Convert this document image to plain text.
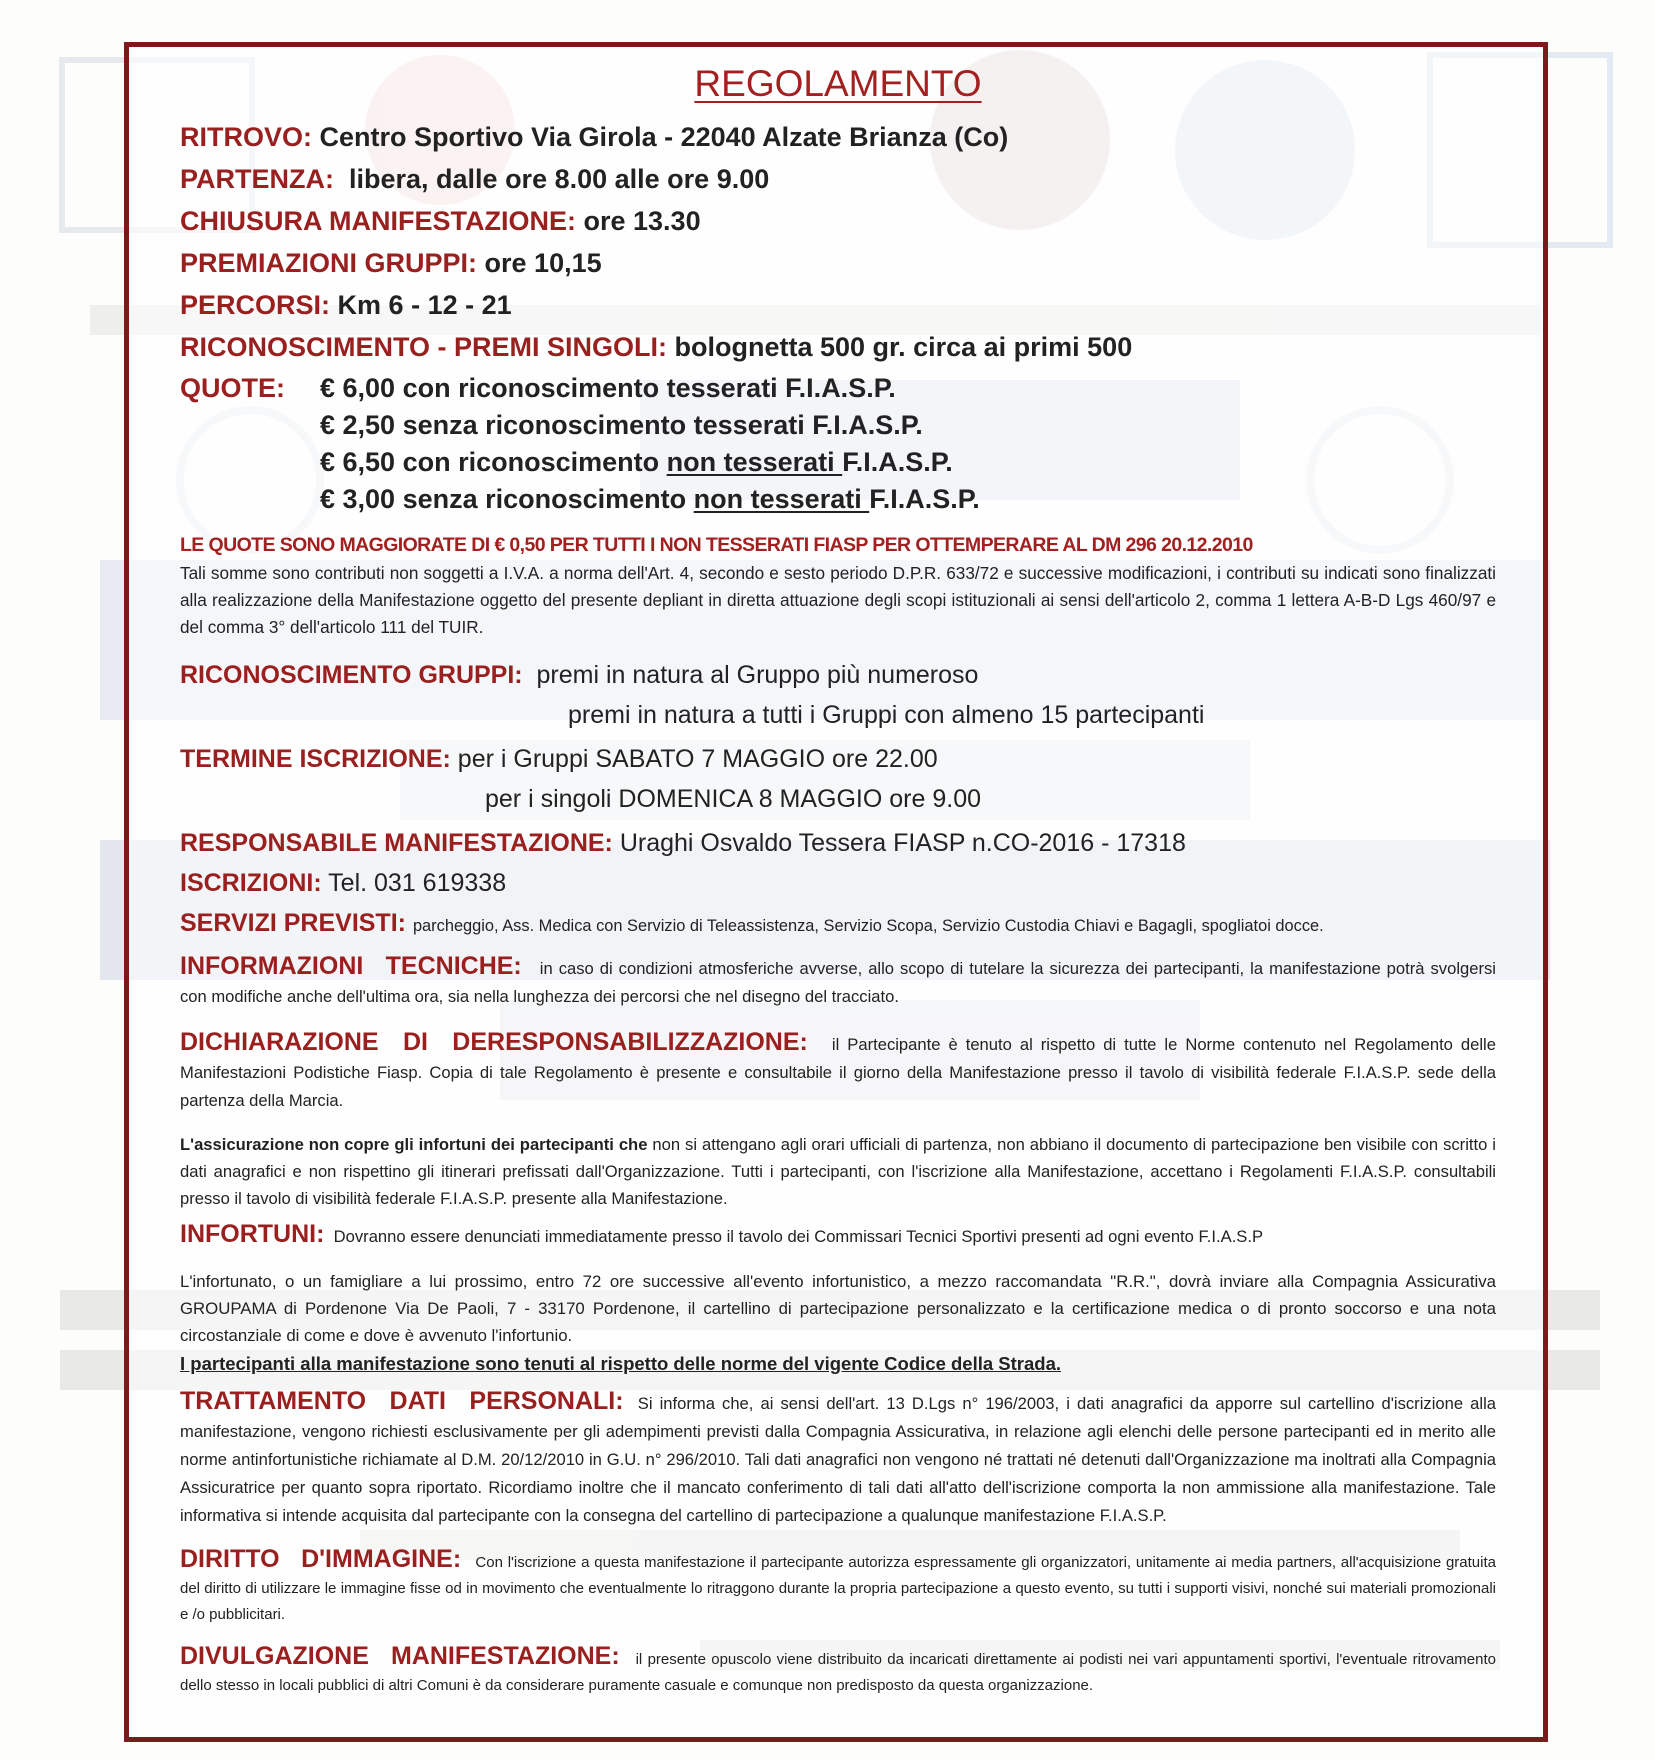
REGOLAMENTO
RITROVO: Centro Sportivo Via Girola - 22040 Alzate Brianza (Co)
PARTENZA: libera, dalle ore 8.00 alle ore 9.00
CHIUSURA MANIFESTAZIONE: ore 13.30
PREMIAZIONI GRUPPI: ore 10,15
PERCORSI: Km 6 - 12 - 21
RICONOSCIMENTO - PREMI SINGOLI: bolognetta 500 gr. circa ai primi 500
QUOTE: € 6,00 con riconoscimento tesserati F.I.A.S.P.
€ 2,50 senza riconoscimento tesserati F.I.A.S.P.
€ 6,50 con riconoscimento non tesserati F.I.A.S.P.
€ 3,00 senza riconoscimento non tesserati F.I.A.S.P.
LE QUOTE SONO MAGGIORATE DI € 0,50 PER TUTTI I NON TESSERATI FIASP PER OTTEMPERARE AL DM 296 20.12.2010

Tali somme sono contributi non soggetti a I.V.A. a norma dell'Art. 4, secondo e sesto periodo D.P.R. 633/72 e successive modificazioni, i contributi su indicati sono finalizzati alla realizzazione della Manifestazione oggetto del presente depliant in diretta attuazione degli scopi istituzionali ai sensi dell'articolo 2, comma 1 lettera A-B-D Lgs 460/97 e del comma 3° dell'articolo 111 del TUIR.

RICONOSCIMENTO GRUPPI: premi in natura al Gruppo più numeroso
premi in natura a tutti i Gruppi con almeno 15 partecipanti
TERMINE ISCRIZIONE: per i Gruppi SABATO 7 MAGGIO ore 22.00
per i singoli DOMENICA 8 MAGGIO ore 9.00
RESPONSABILE MANIFESTAZIONE: Uraghi Osvaldo Tessera FIASP n.CO-2016 - 17318
ISCRIZIONI: Tel. 031 619338
SERVIZI PREVISTI: parcheggio, Ass. Medica con Servizio di Teleassistenza, Servizio Scopa, Servizio Custodia Chiavi e Bagagli, spogliatoi docce.

INFORMAZIONI TECNICHE: in caso di condizioni atmosferiche avverse, allo scopo di tutelare la sicurezza dei partecipanti, la manifestazione potrà svolgersi con modifiche anche dell'ultima ora, sia nella lunghezza dei percorsi che nel disegno del tracciato.

DICHIARAZIONE DI DERESPONSABILIZZAZIONE: il Partecipante è tenuto al rispetto di tutte le Norme contenuto nel Regolamento delle Manifestazioni Podistiche Fiasp. Copia di tale Regolamento è presente e consultabile il giorno della Manifestazione presso il tavolo di visibilità federale F.I.A.S.P. sede della partenza della Marcia.

L'assicurazione non copre gli infortuni dei partecipanti che non si attengano agli orari ufficiali di partenza, non abbiano il documento di partecipazione ben visibile con scritto i dati anagrafici e non rispettino gli itinerari prefissati dall'Organizzazione. Tutti i partecipanti, con l'iscrizione alla Manifestazione, accettano i Regolamenti F.I.A.S.P. consultabili presso il tavolo di visibilità federale F.I.A.S.P. presente alla Manifestazione.

INFORTUNI: Dovranno essere denunciati immediatamente presso il tavolo dei Commissari Tecnici Sportivi presenti ad ogni evento F.I.A.S.P

L'infortunato, o un famigliare a lui prossimo, entro 72 ore successive all'evento infortunistico, a mezzo raccomandata "R.R.", dovrà inviare alla Compagnia Assicurativa GROUPAMA di Pordenone Via De Paoli, 7 - 33170 Pordenone, il cartellino di partecipazione personalizzato e la certificazione medica o di pronto soccorso e una nota circostanziale di come e dove è avvenuto l'infortunio.

I partecipanti alla manifestazione sono tenuti al rispetto delle norme del vigente Codice della Strada.

TRATTAMENTO DATI PERSONALI: Si informa che, ai sensi dell'art. 13 D.Lgs n° 196/2003, i dati anagrafici da apporre sul cartellino d'iscrizione alla manifestazione, vengono richiesti esclusivamente per gli adempimenti previsti dalla Compagnia Assicurativa, in relazione agli elenchi delle persone partecipanti ed in merito alle norme antinfortunistiche richiamate al D.M. 20/12/2010 in G.U. n° 296/2010. Tali dati anagrafici non vengono né trattati né detenuti dall'Organizzazione ma inoltrati alla Compagnia Assicuratrice per quanto sopra riportato. Ricordiamo inoltre che il mancato conferimento di tali dati all'atto dell'iscrizione comporta la non ammissione alla manifestazione. Tale informativa si intende acquisita dal partecipante con la consegna del cartellino di partecipazione a qualunque manifestazione F.I.A.S.P.

DIRITTO D'IMMAGINE: Con l'iscrizione a questa manifestazione il partecipante autorizza espressamente gli organizzatori, unitamente ai media partners, all'acquisizione gratuita del diritto di utilizzare le immagine fisse od in movimento che eventualmente lo ritraggono durante la propria partecipazione a questo evento, su tutti i supporti visivi, nonché sui materiali promozionali e /o pubblicitari.

DIVULGAZIONE MANIFESTAZIONE: il presente opuscolo viene distribuito da incaricati direttamente ai podisti nei vari appuntamenti sportivi, l'eventuale ritrovamento dello stesso in locali pubblici di altri Comuni è da considerare puramente casuale e comunque non predisposto da questa organizzazione.
